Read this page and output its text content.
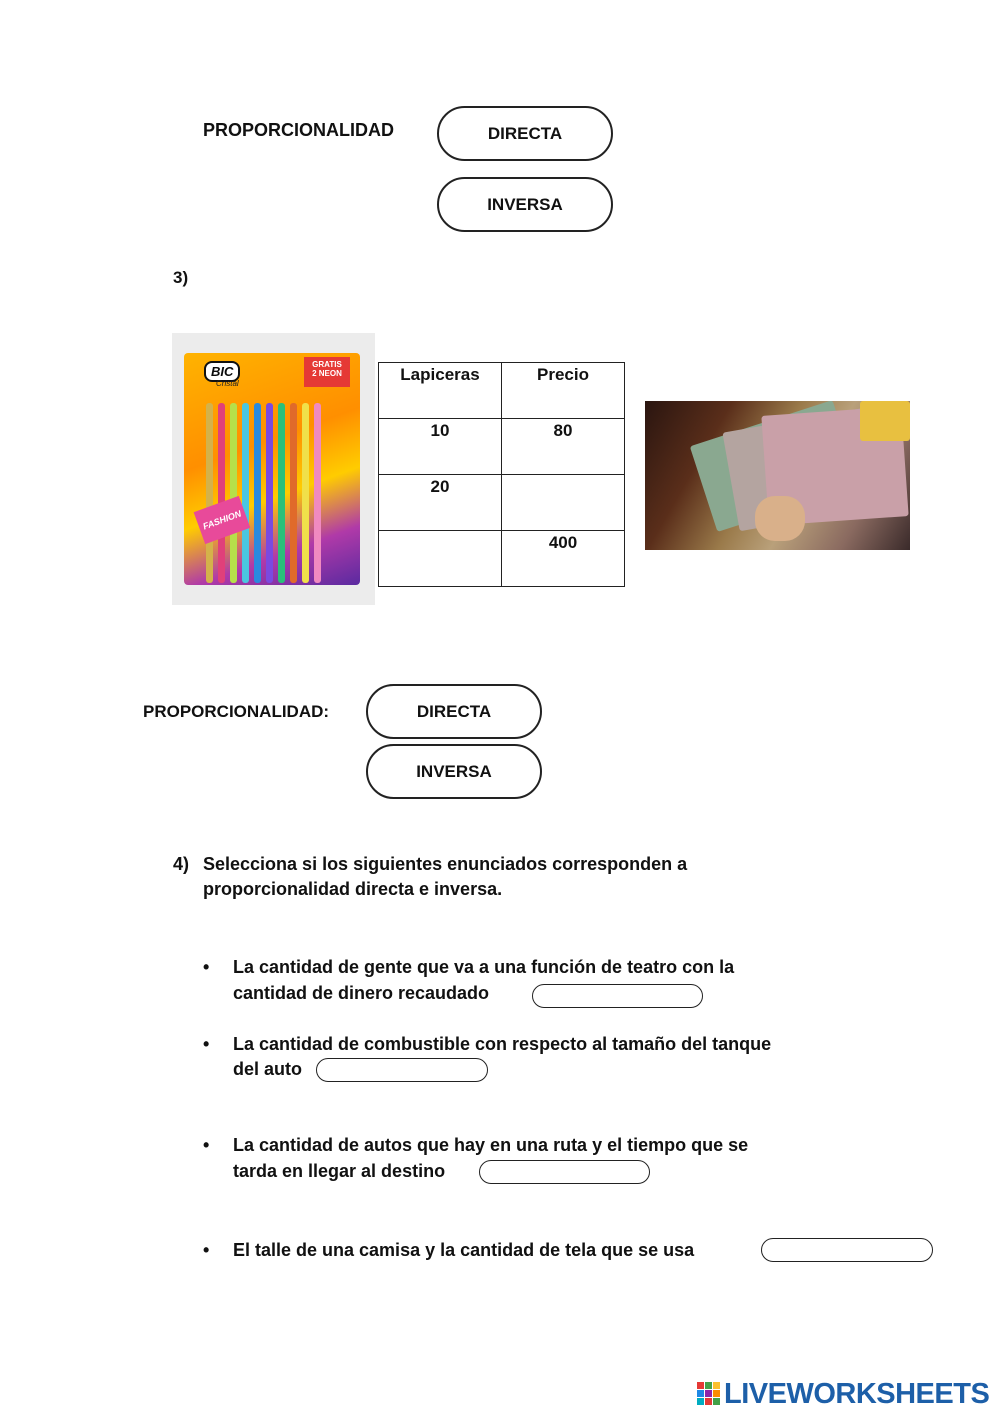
PROPORCIONALIDAD	DIRECTA
INVERSA
3)
BIC
Cristal
GRATIS
2 NEON
FASHION
Lapiceras	Precio
10	80
20	
	400
PROPORCIONALIDAD:	DIRECTA
INVERSA
4) Selecciona si los siguientes enunciados corresponden a
proporcionalidad directa e inversa.
• La cantidad de gente que va a una función de teatro con la
cantidad de dinero recaudado
• La cantidad de combustible con respecto al tamaño del tanque
del auto
• La cantidad de autos que hay en una ruta y el tiempo que se
tarda en llegar al destino
• El talle de una camisa y la cantidad de tela que se usa
LIVEWORKSHEETS
